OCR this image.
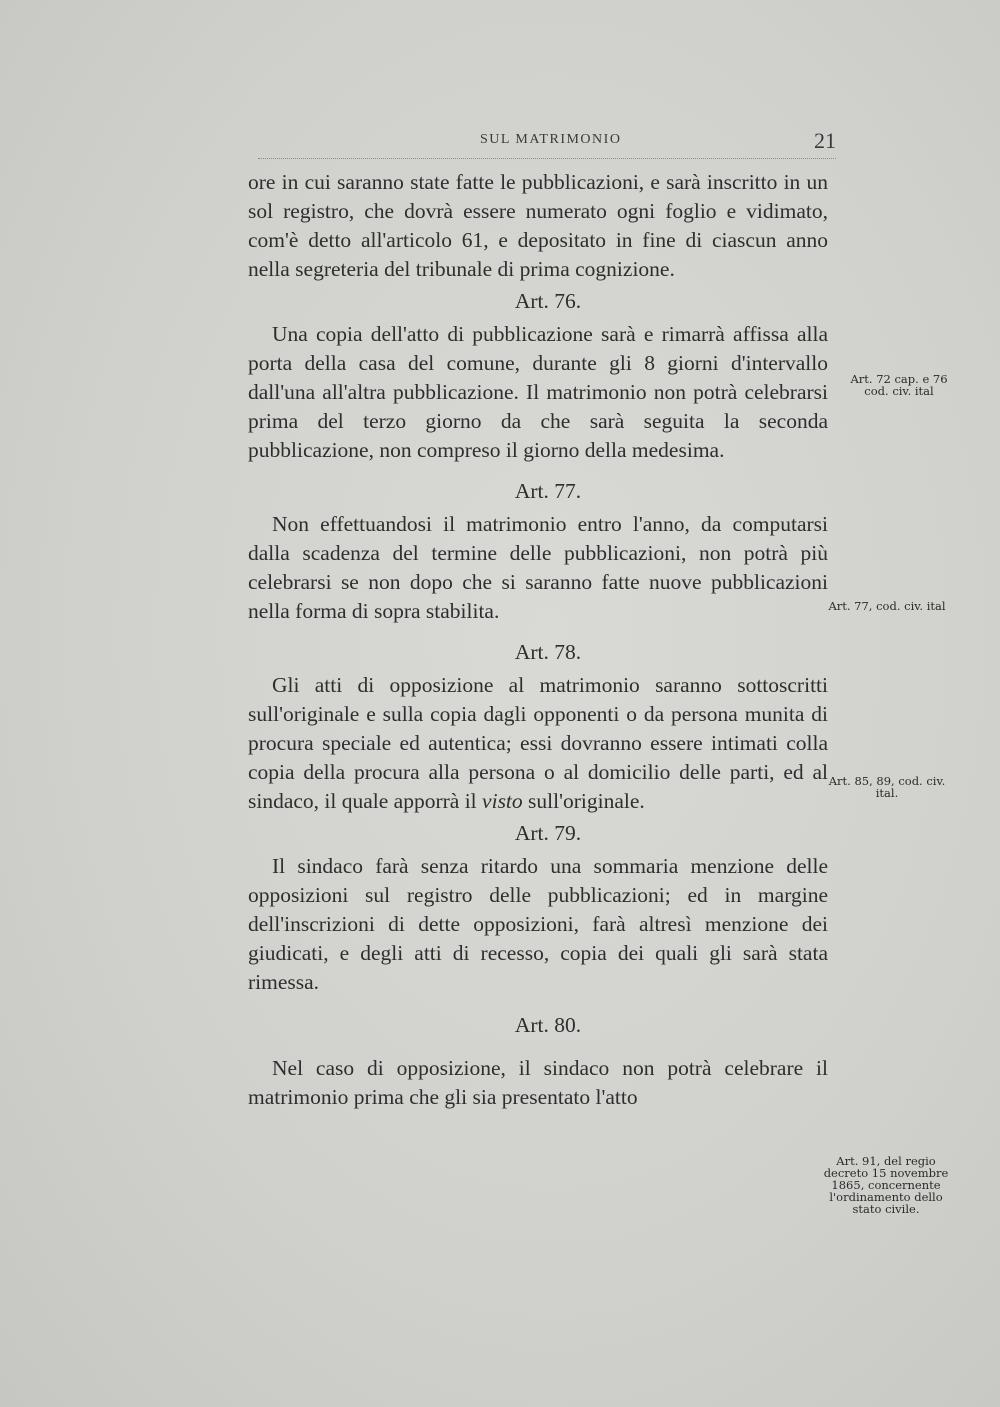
SUL MATRIMONIO	21

ore in cui saranno state fatte le pubblicazioni, e sarà inscritto in un sol registro, che dovrà essere numerato ogni foglio e vidimato, com'è detto all'articolo 61, e depositato in fine di ciascun anno nella segreteria del tribunale di prima cognizione.

Art. 76.

Una copia dell'atto di pubblicazione sarà e rimarrà affissa alla porta della casa del comune, durante gli 8 giorni d'intervallo dall'una all'altra pubblicazione. Il matrimonio non potrà celebrarsi prima del terzo giorno da che sarà seguita la seconda pubblicazione, non compreso il giorno della medesima.

Art. 77.

Non effettuandosi il matrimonio entro l'anno, da computarsi dalla scadenza del termine delle pubblicazioni, non potrà più celebrarsi se non dopo che si saranno fatte nuove pubblicazioni nella forma di sopra stabilita.

Art. 78.

Gli atti di opposizione al matrimonio saranno sottoscritti sull'originale e sulla copia dagli opponenti o da persona munita di procura speciale ed autentica; essi dovranno essere intimati colla copia della procura alla persona o al domicilio delle parti, ed al sindaco, il quale apporrà il visto sull'originale.

Art. 79.

Il sindaco farà senza ritardo una sommaria menzione delle opposizioni sul registro delle pubblicazioni; ed in margine dell'inscrizioni di dette opposizioni, farà altresì menzione dei giudicati, e degli atti di recesso, copia dei quali gli sarà stata rimessa.

Art. 80.

Nel caso di opposizione, il sindaco non potrà celebrare il matrimonio prima che gli sia presentato l'atto

Art. 72 cap. e 76 cod. civ. ital
Art. 77, cod. civ. ital
Art. 85, 89, cod. civ. ital.
Art. 91, del regio decreto 15 novembre 1865, concernente l'ordinamento dello stato civile.
